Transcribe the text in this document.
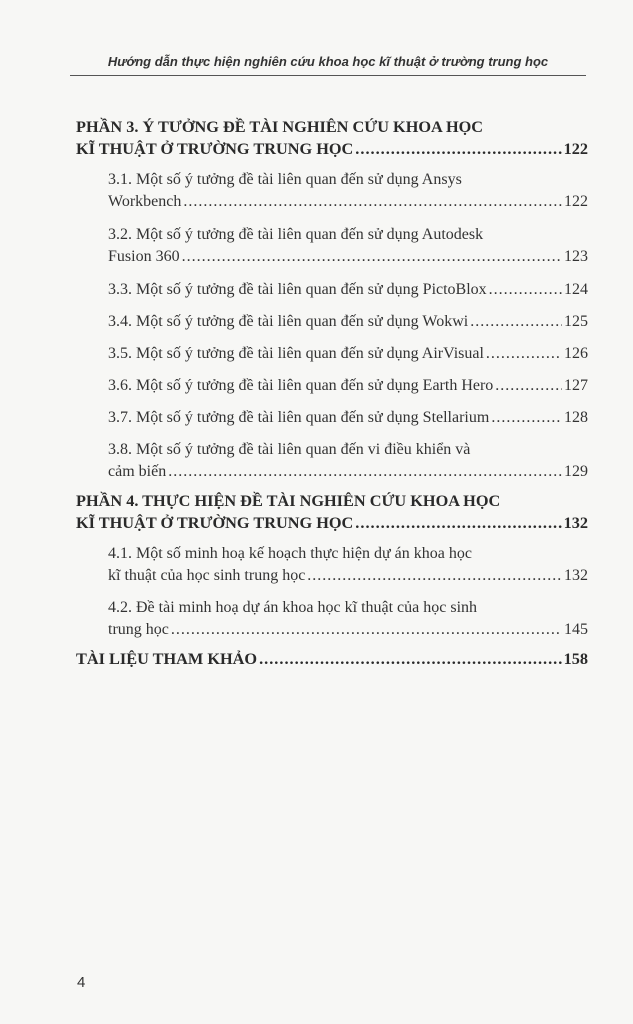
Hướng dẫn thực hiện nghiên cứu khoa học kĩ thuật ở trường trung học
PHẦN 3. Ý TƯỞNG ĐỀ TÀI NGHIÊN CỨU KHOA HỌC
KĨ THUẬT Ở TRƯỜNG TRUNG HỌC .....	122
3.1. Một số ý tưởng đề tài liên quan đến sử dụng Ansys
Workbench .....	122
3.2. Một số ý tưởng đề tài liên quan đến sử dụng Autodesk
Fusion 360 .....	123
3.3. Một số ý tưởng đề tài liên quan đến sử dụng PictoBlox .....	124
3.4. Một số ý tưởng đề tài liên quan đến sử dụng Wokwi .....	125
3.5. Một số ý tưởng đề tài liên quan đến sử dụng AirVisual .....	126
3.6. Một số ý tưởng đề tài liên quan đến sử dụng Earth Hero .....	127
3.7. Một số ý tưởng đề tài liên quan đến sử dụng Stellarium .....	128
3.8. Một số ý tưởng đề tài liên quan đến vi điều khiển và
cảm biến .....	129
PHẦN 4. THỰC HIỆN ĐỀ TÀI NGHIÊN CỨU KHOA HỌC
KĨ THUẬT Ở TRƯỜNG TRUNG HỌC .....	132
4.1. Một số minh hoạ kế hoạch thực hiện dự án khoa học
kĩ thuật của học sinh trung học .....	132
4.2. Đề tài minh hoạ dự án khoa học kĩ thuật của học sinh
trung học .....	145
TÀI LIỆU THAM KHẢO .....	158
4
